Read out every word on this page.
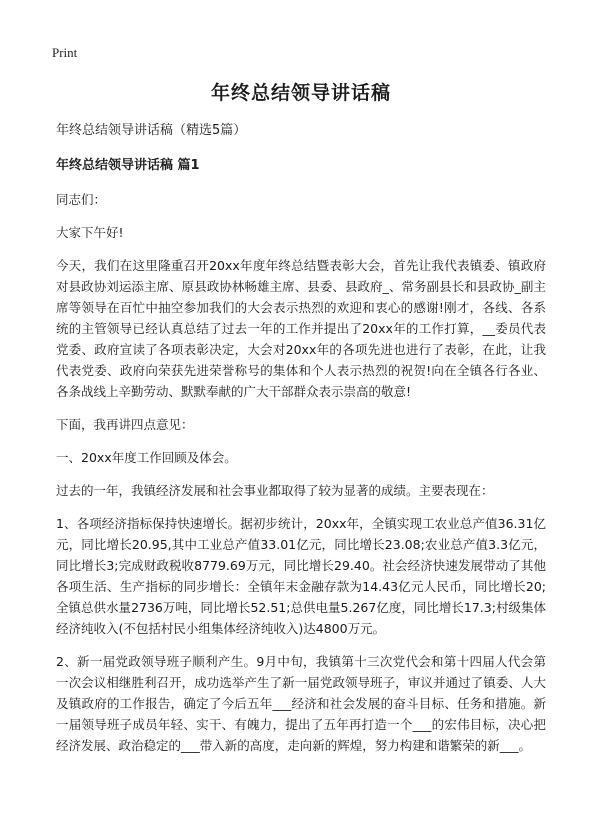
Print
年终总结领导讲话稿
年终总结领导讲话稿（精选5篇）
年终总结领导讲话稿 篇1
同志们：
大家下午好!
今天，我们在这里隆重召开20xx年度年终总结暨表彰大会，首先让我代表镇委、镇政府对县政协刘运添主席、原县政协林畅雄主席、县委、县政府_、常务副县长和县政协_副主席等领导在百忙中抽空参加我们的大会表示热烈的欢迎和衷心的感谢!刚才，各线、各系统的主管领导已经认真总结了过去一年的工作并提出了20xx年的工作打算，__委员代表党委、政府宣读了各项表彰决定，大会对20xx年的各项先进也进行了表彰，在此，让我代表党委、政府向荣获先进荣誉称号的集体和个人表示热烈的祝贺!向在全镇各行各业、各条战线上辛勤劳动、默默奉献的广大干部群众表示崇高的敬意!
下面，我再讲四点意见：
一、20xx年度工作回顾及体会。
过去的一年，我镇经济发展和社会事业都取得了较为显著的成绩。主要表现在：
1、各项经济指标保持快速增长。据初步统计，20xx年，全镇实现工农业总产值36.31亿元，同比增长20.95,其中工业总产值33.01亿元，同比增长23.08;农业总产值3.3亿元，同比增长3;完成财政税收8779.69万元，同比增长29.40。社会经济快速发展带动了其他各项生活、生产指标的同步增长：全镇年末金融存款为14.43亿元人民币，同比增长20;全镇总供水量2736万吨，同比增长52.51;总供电量5.267亿度，同比增长17.3;村级集体经济纯收入(不包括村民小组集体经济纯收入)达4800万元。
2、新一届党政领导班子顺利产生。9月中旬，我镇第十三次党代会和第十四届人代会第一次会议相继胜利召开，成功选举产生了新一届党政领导班子，审议并通过了镇委、人大及镇政府的工作报告，确定了今后五年___经济和社会发展的奋斗目标、任务和措施。新一届领导班子成员年轻、实干、有魄力，提出了五年再打造一个___的宏伟目标，决心把经济发展、政治稳定的___带入新的高度，走向新的辉煌，努力构建和谐繁荣的新___。
